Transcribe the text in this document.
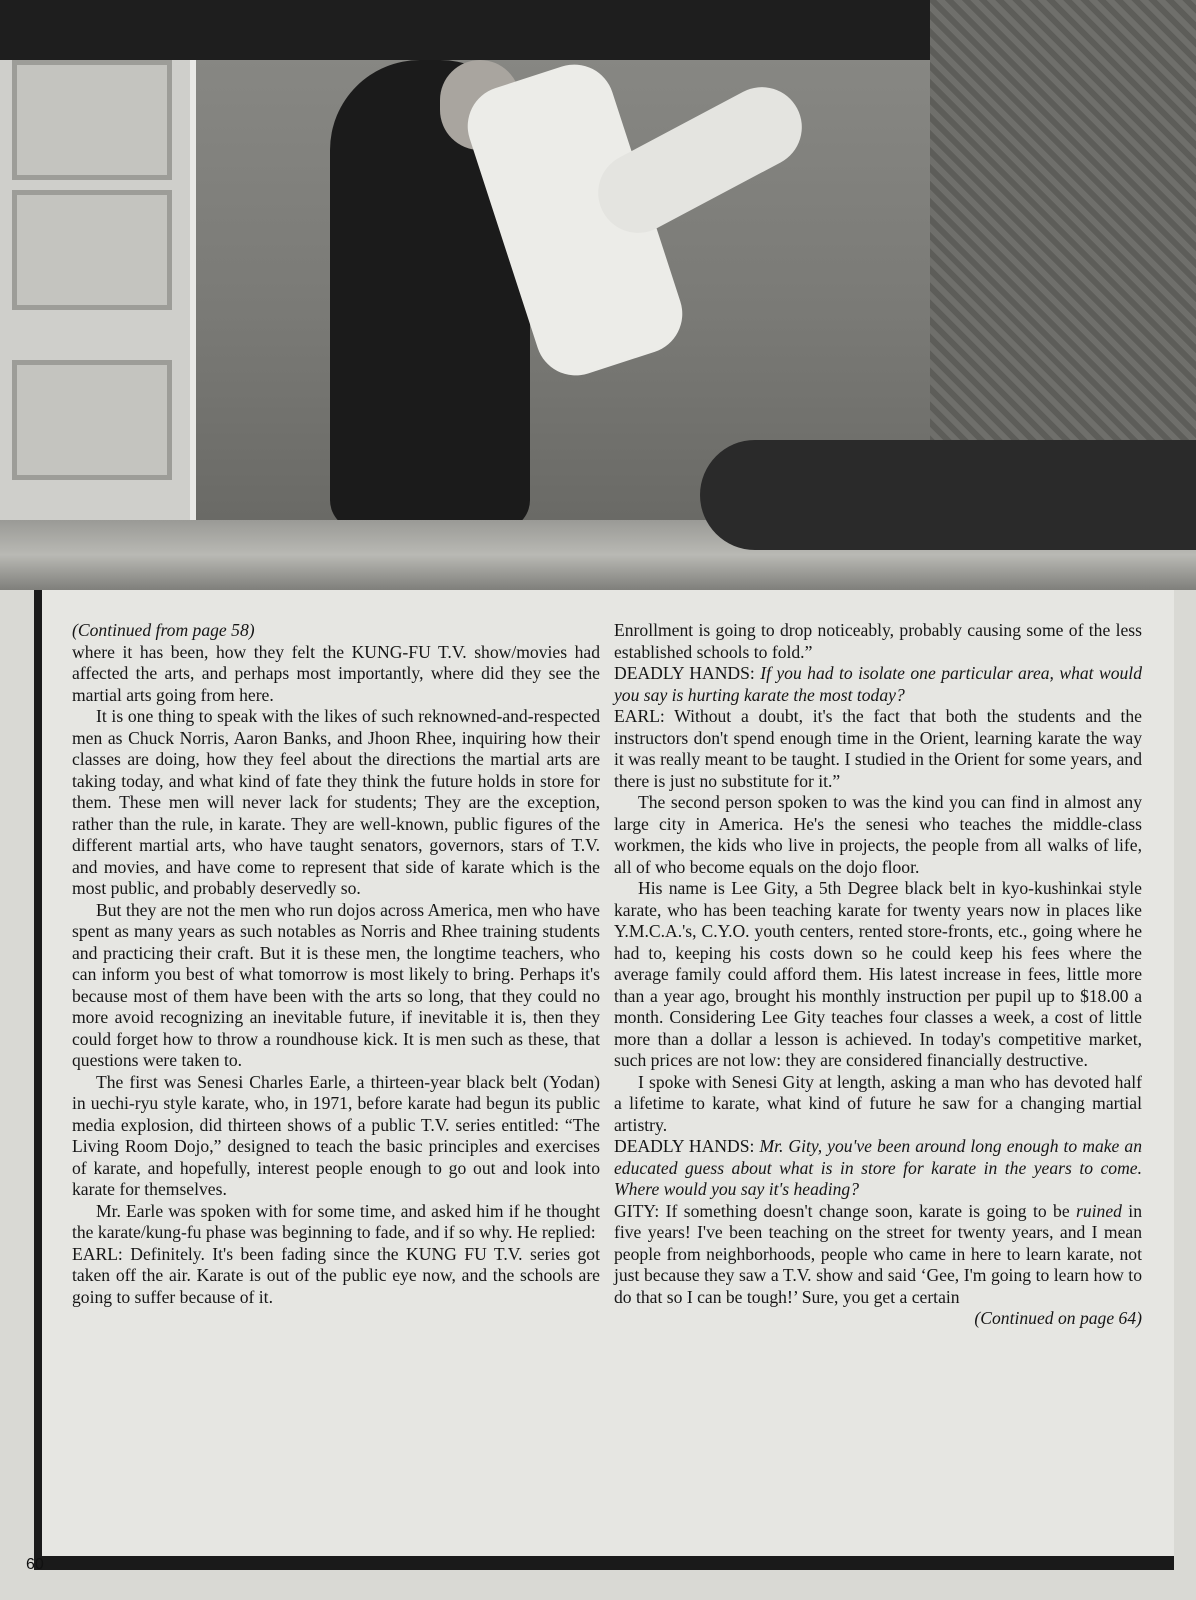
(Continued from page 58)

where it has been, how they felt the KUNG-FU T.V. show/movies had affected the arts, and perhaps most importantly, where did they see the martial arts going from here.

It is one thing to speak with the likes of such reknowned-and-respected men as Chuck Norris, Aaron Banks, and Jhoon Rhee, inquiring how their classes are doing, how they feel about the directions the martial arts are taking today, and what kind of fate they think the future holds in store for them. These men will never lack for students; They are the exception, rather than the rule, in karate. They are well-known, public figures of the different martial arts, who have taught senators, governors, stars of T.V. and movies, and have come to represent that side of karate which is the most public, and probably deservedly so.

But they are not the men who run dojos across America, men who have spent as many years as such notables as Norris and Rhee training students and practicing their craft. But it is these men, the longtime teachers, who can inform you best of what tomorrow is most likely to bring. Perhaps it's because most of them have been with the arts so long, that they could no more avoid recognizing an inevitable future, if inevitable it is, then they could forget how to throw a roundhouse kick. It is men such as these, that questions were taken to.

The first was Senesi Charles Earle, a thirteen-year black belt (Yodan) in uechi-ryu style karate, who, in 1971, before karate had begun its public media explosion, did thirteen shows of a public T.V. series entitled: “The Living Room Dojo,” designed to teach the basic principles and exercises of karate, and hopefully, interest people enough to go out and look into karate for themselves.

Mr. Earle was spoken with for some time, and asked him if he thought the karate/kung-fu phase was beginning to fade, and if so why. He replied:

EARL: Definitely. It's been fading since the KUNG FU T.V. series got taken off the air. Karate is out of the public eye now, and the schools are going to suffer because of it.

Enrollment is going to drop noticeably, probably causing some of the less established schools to fold.”

DEADLY HANDS: If you had to isolate one particular area, what would you say is hurting karate the most today?

EARL: Without a doubt, it's the fact that both the students and the instructors don't spend enough time in the Orient, learning karate the way it was really meant to be taught. I studied in the Orient for some years, and there is just no substitute for it.”

The second person spoken to was the kind you can find in almost any large city in America. He's the senesi who teaches the middle-class workmen, the kids who live in projects, the people from all walks of life, all of who become equals on the dojo floor.

His name is Lee Gity, a 5th Degree black belt in kyo-kushinkai style karate, who has been teaching karate for twenty years now in places like Y.M.C.A.'s, C.Y.O. youth centers, rented store-fronts, etc., going where he had to, keeping his costs down so he could keep his fees where the average family could afford them. His latest increase in fees, little more than a year ago, brought his monthly instruction per pupil up to $18.00 a month. Considering Lee Gity teaches four classes a week, a cost of little more than a dollar a lesson is achieved. In today's competitive market, such prices are not low: they are considered financially destructive.

I spoke with Senesi Gity at length, asking a man who has devoted half a lifetime to karate, what kind of future he saw for a changing martial artistry.

DEADLY HANDS: Mr. Gity, you've been around long enough to make an educated guess about what is in store for karate in the years to come. Where would you say it's heading?

GITY: If something doesn't change soon, karate is going to be ruined in five years! I've been teaching on the street for twenty years, and I mean people from neighborhoods, people who came in here to learn karate, not just because they saw a T.V. show and said ‘Gee, I'm going to learn how to do that so I can be tough!’ Sure, you get a certain

(Continued on page 64)

60
